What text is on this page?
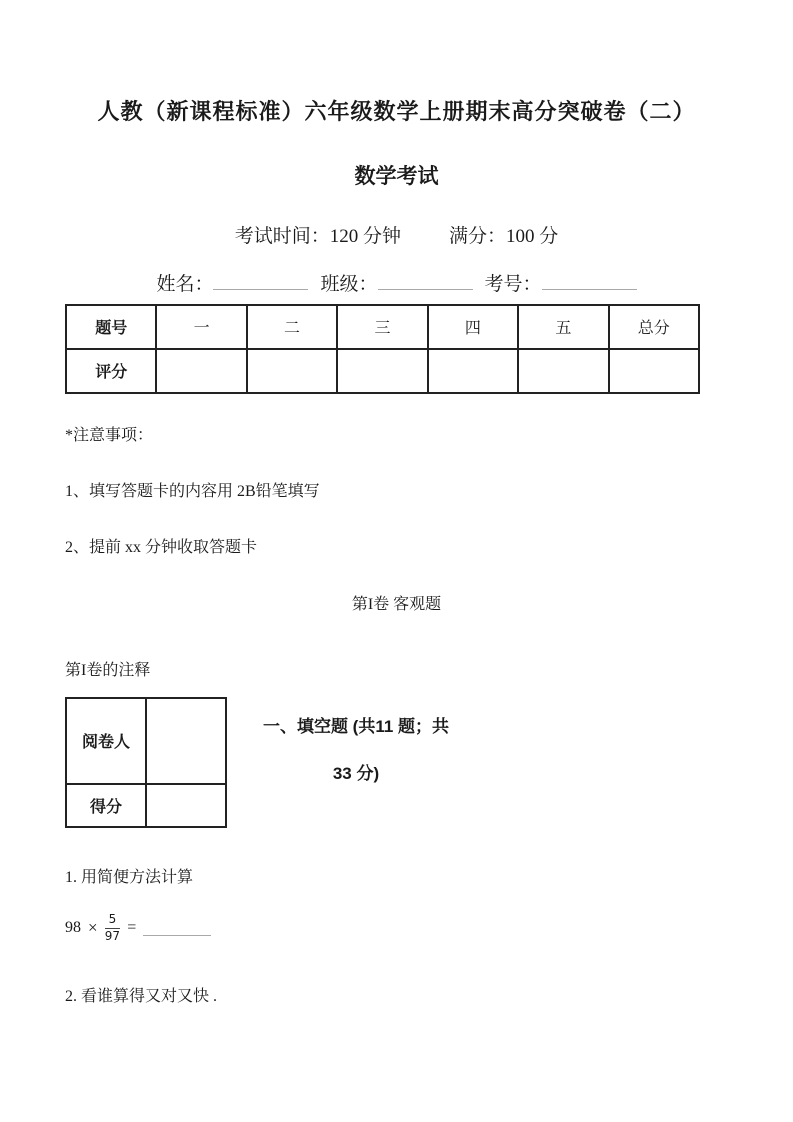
人教（新课程标准）六年级数学上册期末高分突破卷（二）
数学考试
考试时间：120 分钟	满分：100 分
姓名：	班级：	考号：
题号	一	二	三	四	五	总分
评分						

*注意事项：

1、填写答题卡的内容用 2B铅笔填写

2、提前 xx 分钟收取答题卡

第I卷 客观题

第I卷的注释

阅卷人	
得分	
一、填空题 (共11 题；共
33 分)

1. 用简便方法计算

$98 \times \frac{5}{97}$ =

2. 看谁算得又对又快 .
